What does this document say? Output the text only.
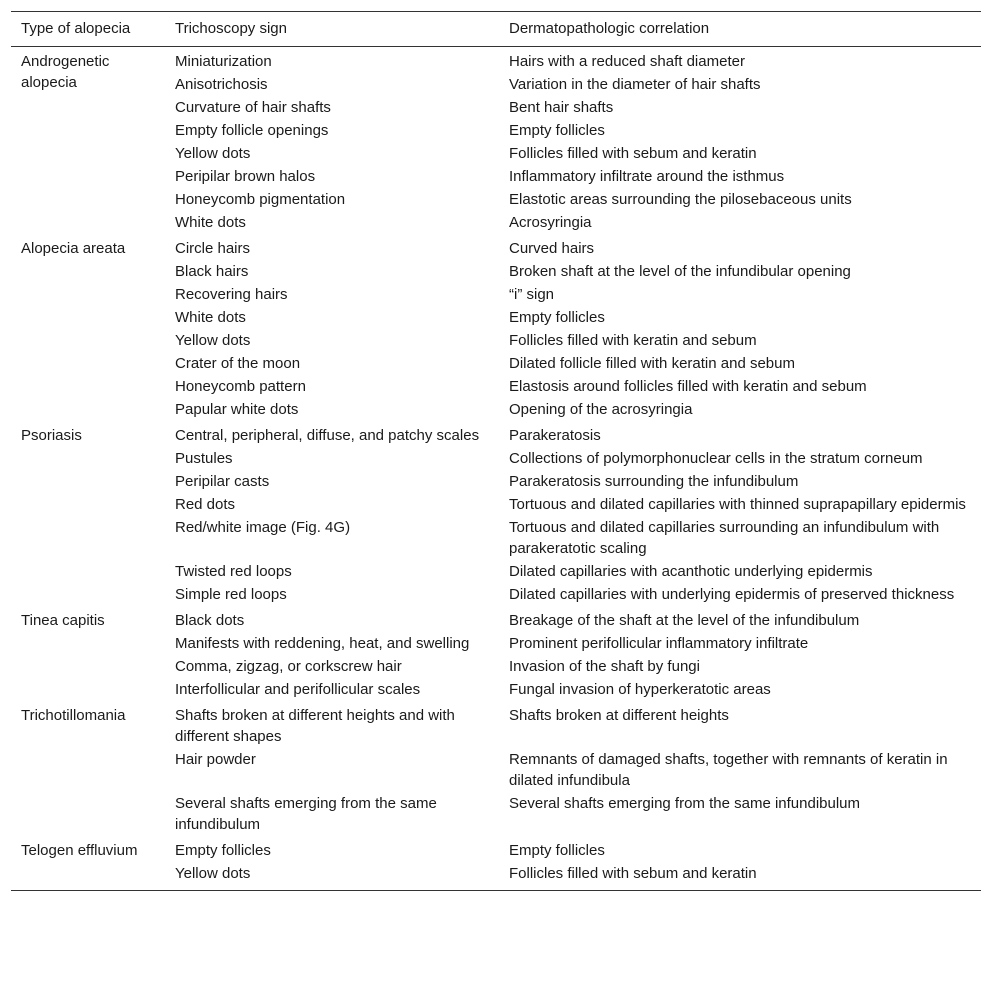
Type of alopecia	Trichoscopy sign	Dermatopathologic correlation
Androgenetic alopecia	Miniaturization	Hairs with a reduced shaft diameter
	Anisotrichosis	Variation in the diameter of hair shafts
	Curvature of hair shafts	Bent hair shafts
	Empty follicle openings	Empty follicles
	Yellow dots	Follicles filled with sebum and keratin
	Peripilar brown halos	Inflammatory infiltrate around the isthmus
	Honeycomb pigmentation	Elastotic areas surrounding the pilosebaceous units
	White dots	Acrosyringia
Alopecia areata	Circle hairs	Curved hairs
	Black hairs	Broken shaft at the level of the infundibular opening
	Recovering hairs	“i” sign
	White dots	Empty follicles
	Yellow dots	Follicles filled with keratin and sebum
	Crater of the moon	Dilated follicle filled with keratin and sebum
	Honeycomb pattern	Elastosis around follicles filled with keratin and sebum
	Papular white dots	Opening of the acrosyringia
Psoriasis	Central, peripheral, diffuse, and patchy scales	Parakeratosis
	Pustules	Collections of polymorphonuclear cells in the stratum corneum
	Peripilar casts	Parakeratosis surrounding the infundibulum
	Red dots	Tortuous and dilated capillaries with thinned suprapapillary epidermis
	Red/white image (Fig. 4G)	Tortuous and dilated capillaries surrounding an infundibulum with parakeratotic scaling
	Twisted red loops	Dilated capillaries with acanthotic underlying epidermis
	Simple red loops	Dilated capillaries with underlying epidermis of preserved thickness
Tinea capitis	Black dots	Breakage of the shaft at the level of the infundibulum
	Manifests with reddening, heat, and swelling	Prominent perifollicular inflammatory infiltrate
	Comma, zigzag, or corkscrew hair	Invasion of the shaft by fungi
	Interfollicular and perifollicular scales	Fungal invasion of hyperkeratotic areas
Trichotillomania	Shafts broken at different heights and with different shapes	Shafts broken at different heights
	Hair powder	Remnants of damaged shafts, together with remnants of keratin in dilated infundibula
	Several shafts emerging from the same infundibulum	Several shafts emerging from the same infundibulum
Telogen effluvium	Empty follicles	Empty follicles
	Yellow dots	Follicles filled with sebum and keratin
